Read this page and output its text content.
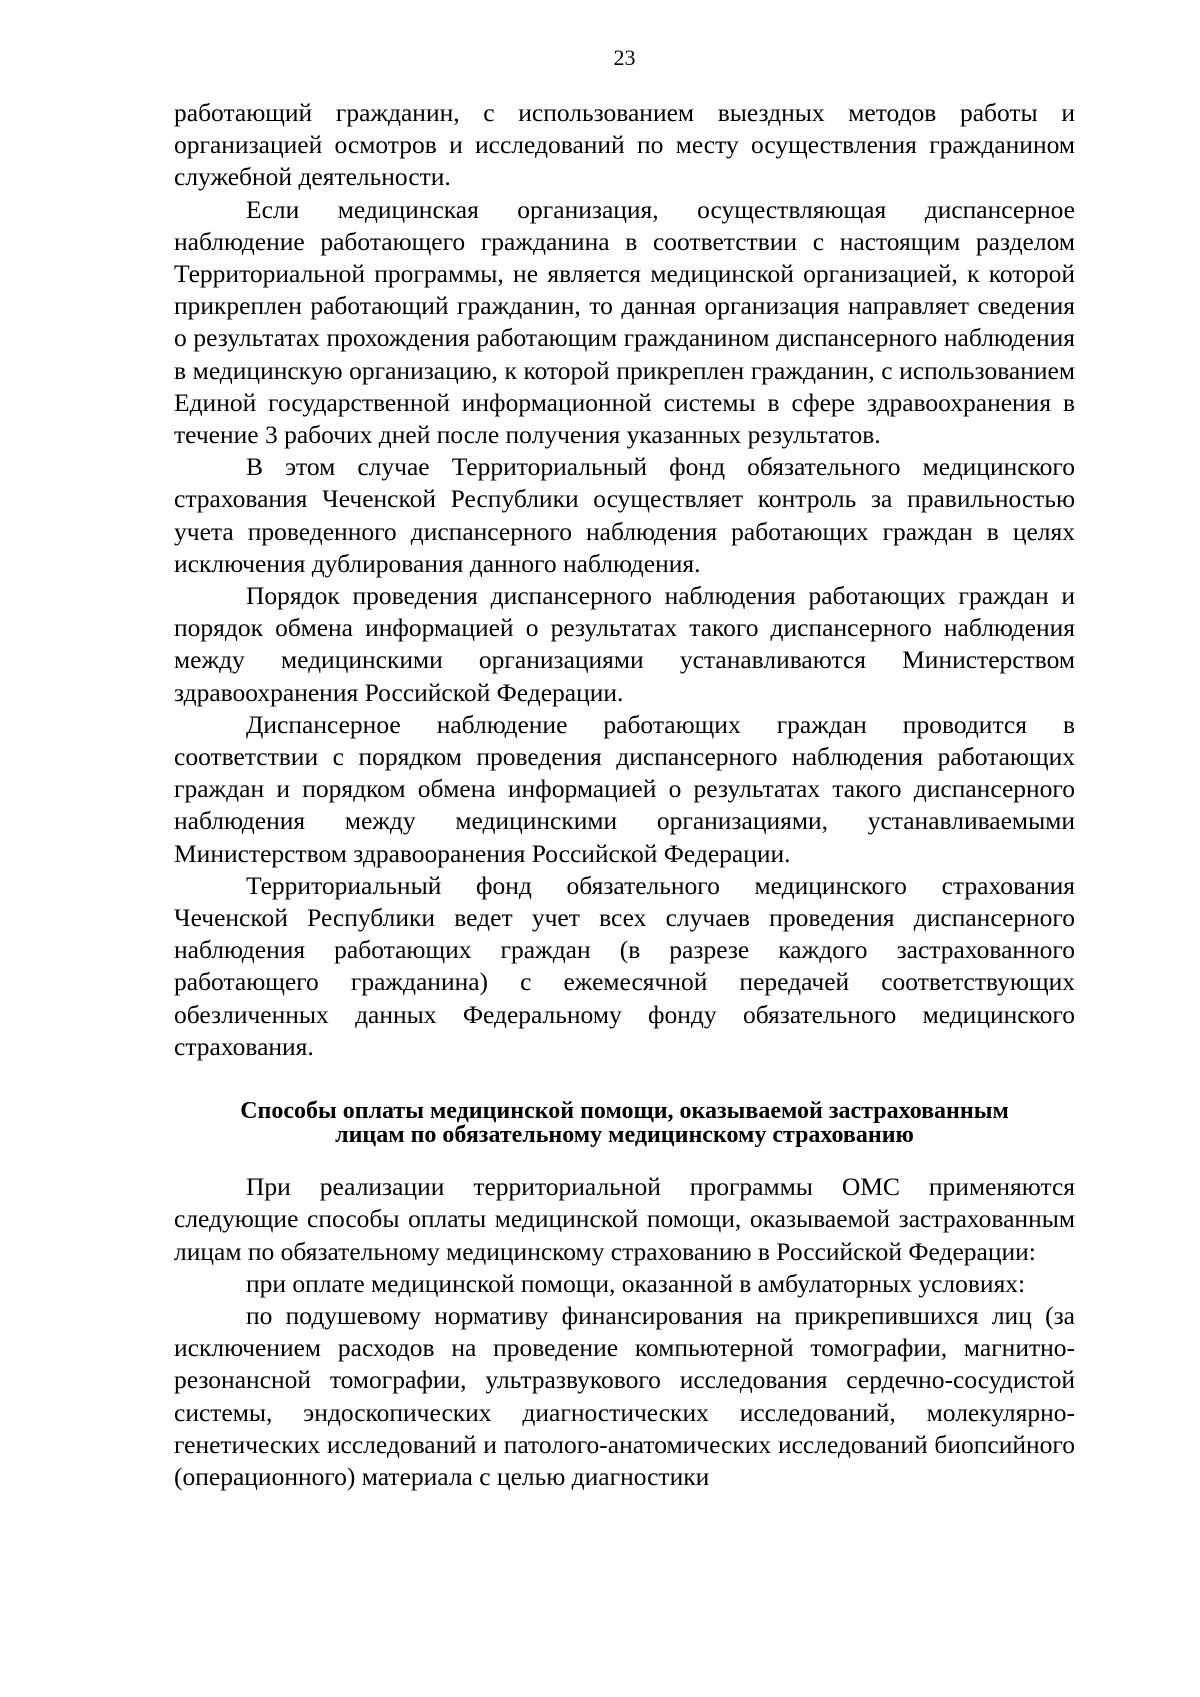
23

работающий гражданин, с использованием выездных методов работы и организацией осмотров и исследований по месту осуществления гражданином служебной деятельности.

Если медицинская организация, осуществляющая диспансерное наблюдение работающего гражданина в соответствии с настоящим разделом Территориальной программы, не является медицинской организацией, к которой прикреплен работающий гражданин, то данная организация направляет сведения о результатах прохождения работающим гражданином диспансерного наблюдения в медицинскую организацию, к которой прикреплен гражданин, с использованием Единой государственной информационной системы в сфере здравоохранения в течение 3 рабочих дней после получения указанных результатов.

В этом случае Территориальный фонд обязательного медицинского страхования Чеченской Республики осуществляет контроль за правильностью учета проведенного диспансерного наблюдения работающих граждан в целях исключения дублирования данного наблюдения.

Порядок проведения диспансерного наблюдения работающих граждан и порядок обмена информацией о результатах такого диспансерного наблюдения между медицинскими организациями устанавливаются Министерством здравоохранения Российской Федерации.

Диспансерное наблюдение работающих граждан проводится в соответствии с порядком проведения диспансерного наблюдения работающих граждан и порядком обмена информацией о результатах такого диспансерного наблюдения между медицинскими организациями, устанавливаемыми Министерством здравоoранения Российской Федерации.

Территориальный фонд обязательного медицинского страхования Чеченской Республики ведет учет всех случаев проведения диспансерного наблюдения работающих граждан (в разрезе каждого застрахованного работающего гражданина) с ежемесячной передачей соответствующих обезличенных данных Федеральному фонду обязательного медицинского страхования.

Способы оплаты медицинской помощи, оказываемой застрахованным
лицам по обязательному медицинскому страхованию

При реализации территориальной программы ОМС применяются следующие способы оплаты медицинской помощи, оказываемой застрахованным лицам по обязательному медицинскому страхованию в Российской Федерации:

при оплате медицинской помощи, оказанной в амбулаторных условиях:

по подушевому нормативу финансирования на прикрепившихся лиц (за исключением расходов на проведение компьютерной томографии, магнитно-резонансной томографии, ультразвукового исследования сердечно-сосудистой системы, эндоскопических диагностических исследований, молекулярно-генетических исследований и патолого-анатомических исследований биопсийного (операционного) материала с целью диагностики
